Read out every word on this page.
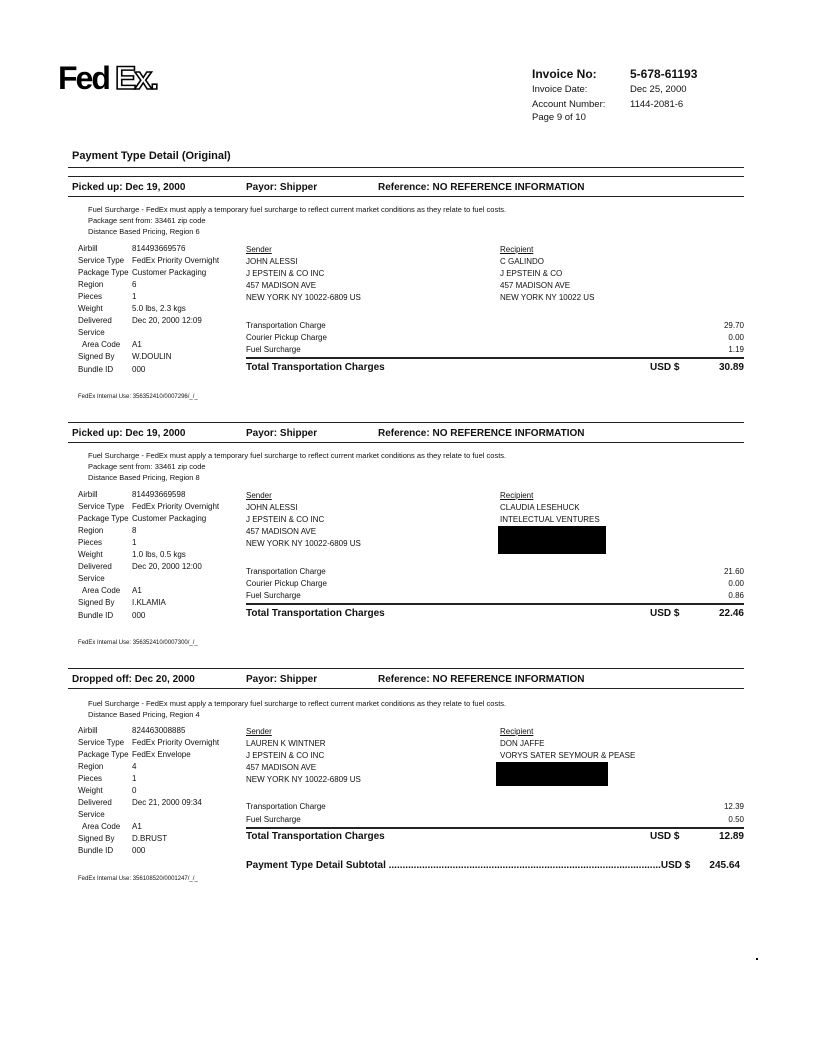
Fed Ex.	Invoice No:	5-678-61193
Invoice Date:	Dec 25, 2000
Account Number:	1144-2081-6
Page 9 of 10
Payment Type Detail (Original)
Picked up: Dec 19, 2000	Payor: Shipper	Reference: NO REFERENCE INFORMATION
Fuel Surcharge - FedEx must apply a temporary fuel surcharge to reflect current market conditions as they relate to fuel costs.
Package sent from: 33461 zip code
Distance Based Pricing, Region 6
Airbill	814493669576
Service Type FedEx Priority Overnight
Package Type Customer Packaging
Region	6
Pieces	1
Weight	5.0 lbs, 2.3 kgs
Delivered	Dec 20, 2000 12:09
Service
Area Code A1
Signed By W.DOULIN
Bundle ID 000
Sender
JOHN ALESSI
J EPSTEIN & CO INC
457 MADISON AVE
NEW YORK NY 10022-6809 US
Recipient
C GALINDO
J EPSTEIN & CO
457 MADISON AVE
NEW YORK NY 10022 US
Transportation Charge	29.70
Courier Pickup Charge	0.00
Fuel Surcharge	1.19
Total Transportation Charges	USD $	30.89
FedEx Internal Use: 356352410/0007296/_/_
Picked up: Dec 19, 2000	Payor: Shipper	Reference: NO REFERENCE INFORMATION
Fuel Surcharge - FedEx must apply a temporary fuel surcharge to reflect current market conditions as they relate to fuel costs.
Package sent from: 33461 zip code
Distance Based Pricing, Region 8
Airbill	814493669598
Service Type FedEx Priority Overnight
Package Type Customer Packaging
Region	8
Pieces	1
Weight	1.0 lbs, 0.5 kgs
Delivered	Dec 20, 2000 12:00
Service
Area Code A1
Signed By I.KLAMIA
Bundle ID 000
Sender
JOHN ALESSI
J EPSTEIN & CO INC
457 MADISON AVE
NEW YORK NY 10022-6809 US
Recipient
CLAUDIA LESEHUCK
INTELECTUAL VENTURES
Transportation Charge	21.60
Courier Pickup Charge	0.00
Fuel Surcharge	0.86
Total Transportation Charges	USD $	22.46
FedEx Internal Use: 356352410/0007300/_/_
Dropped off: Dec 20, 2000	Payor: Shipper	Reference: NO REFERENCE INFORMATION
Fuel Surcharge - FedEx must apply a temporary fuel surcharge to reflect current market conditions as they relate to fuel costs.
Distance Based Pricing, Region 4
Airbill	824463008885
Service Type FedEx Priority Overnight
Package Type FedEx Envelope
Region	4
Pieces	1
Weight	0
Delivered	Dec 21, 2000 09:34
Service
Area Code A1
Signed By D.BRUST
Bundle ID 000
Sender
LAUREN K WINTNER
J EPSTEIN & CO INC
457 MADISON AVE
NEW YORK NY 10022-6809 US
Recipient
DON JAFFE
VORYS SATER SEYMOUR & PEASE
Transportation Charge	12.39
Fuel Surcharge	0.50
Total Transportation Charges	USD $	12.89
Payment Type Detail Subtotal ..................................................................................................USD $	245.64
FedEx Internal Use: 356108520/0001247/_/_
